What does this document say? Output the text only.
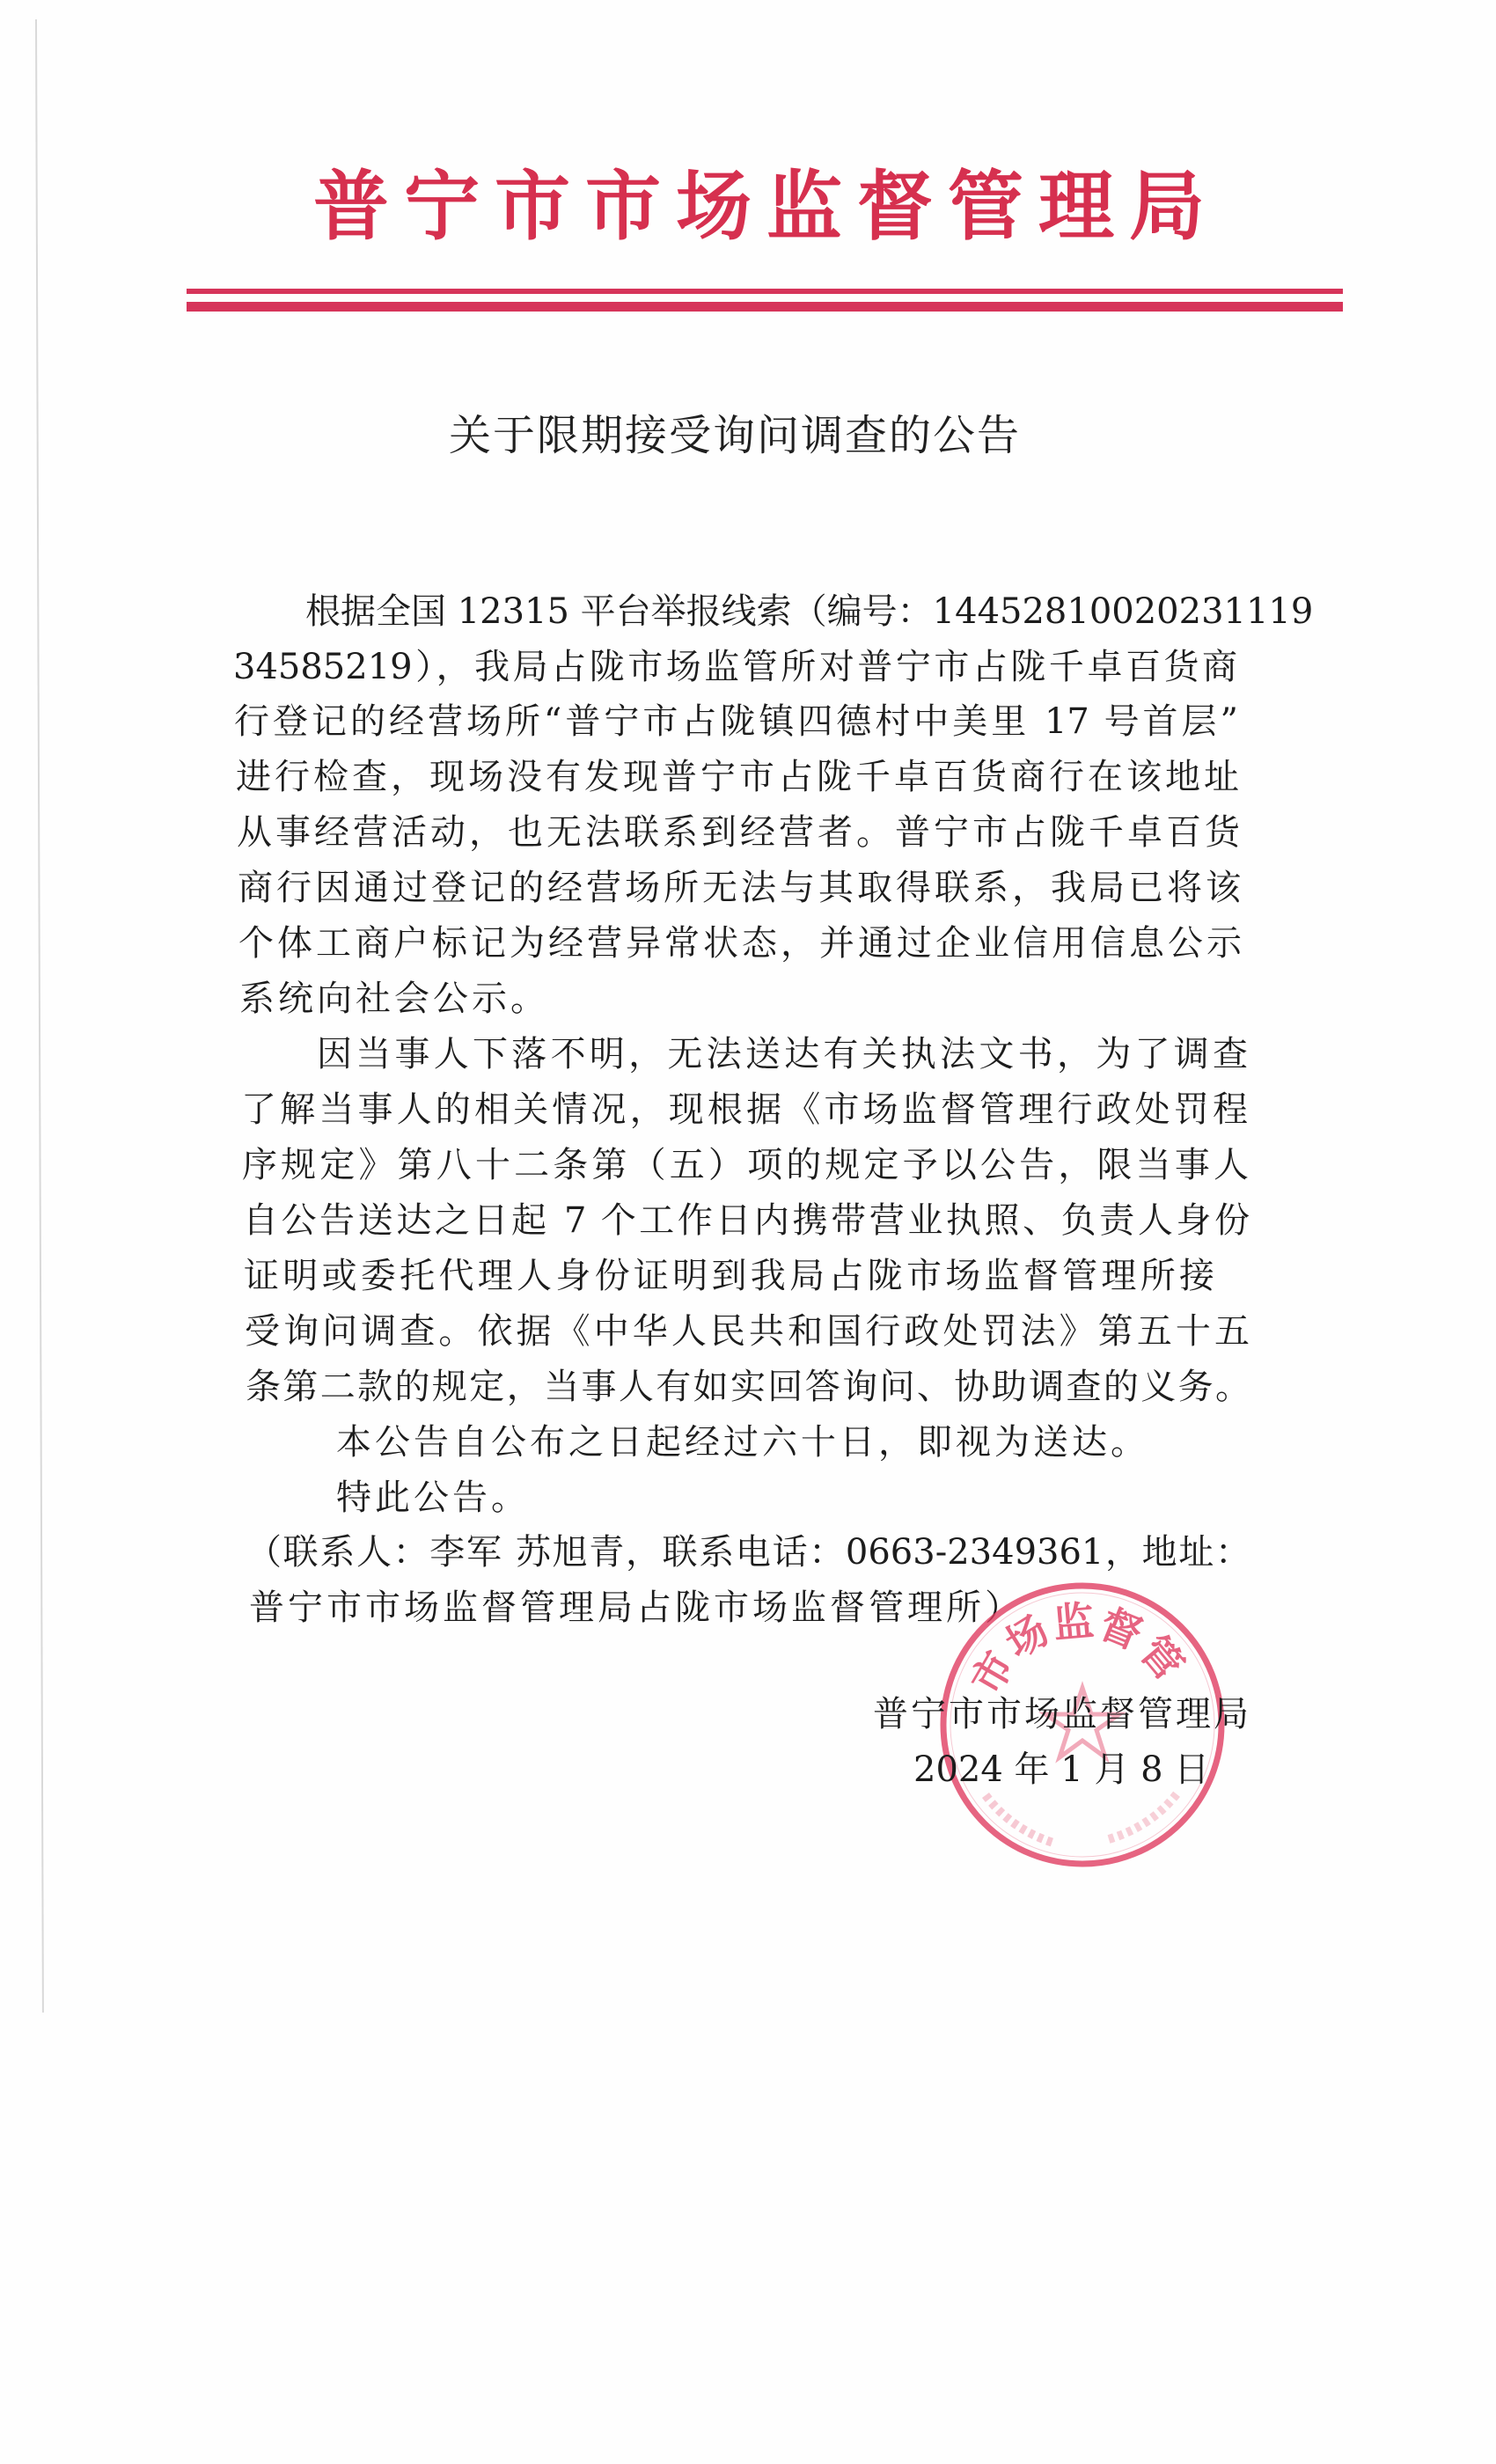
普宁市市场监督管理局
关于限期接受询问调查的公告
根据全国 12315 平台举报线索（编号：14452810020231119
34585219），我局占陇市场监管所对普宁市占陇千卓百货商
行登记的经营场所“普宁市占陇镇四德村中美里 17 号首层”
进行检查，现场没有发现普宁市占陇千卓百货商行在该地址
从事经营活动，也无法联系到经营者。普宁市占陇千卓百货
商行因通过登记的经营场所无法与其取得联系，我局已将该
个体工商户标记为经营异常状态，并通过企业信用信息公示
系统向社会公示。
因当事人下落不明，无法送达有关执法文书，为了调查
了解当事人的相关情况，现根据《市场监督管理行政处罚程
序规定》第八十二条第（五）项的规定予以公告，限当事人
自公告送达之日起 7 个工作日内携带营业执照、负责人身份
证明或委托代理人身份证明到我局占陇市场监督管理所接
受询问调查。依据《中华人民共和国行政处罚法》第五十五
条第二款的规定，当事人有如实回答询问、协助调查的义务。
本公告自公布之日起经过六十日，即视为送达。
特此公告。
（联系人：李军 苏旭青，联系电话：0663-2349361，地址：
普宁市市场监督管理局占陇市场监督管理所）
市
场
监
督
管
普宁市市场监督管理局
2024 年 1 月 8 日
